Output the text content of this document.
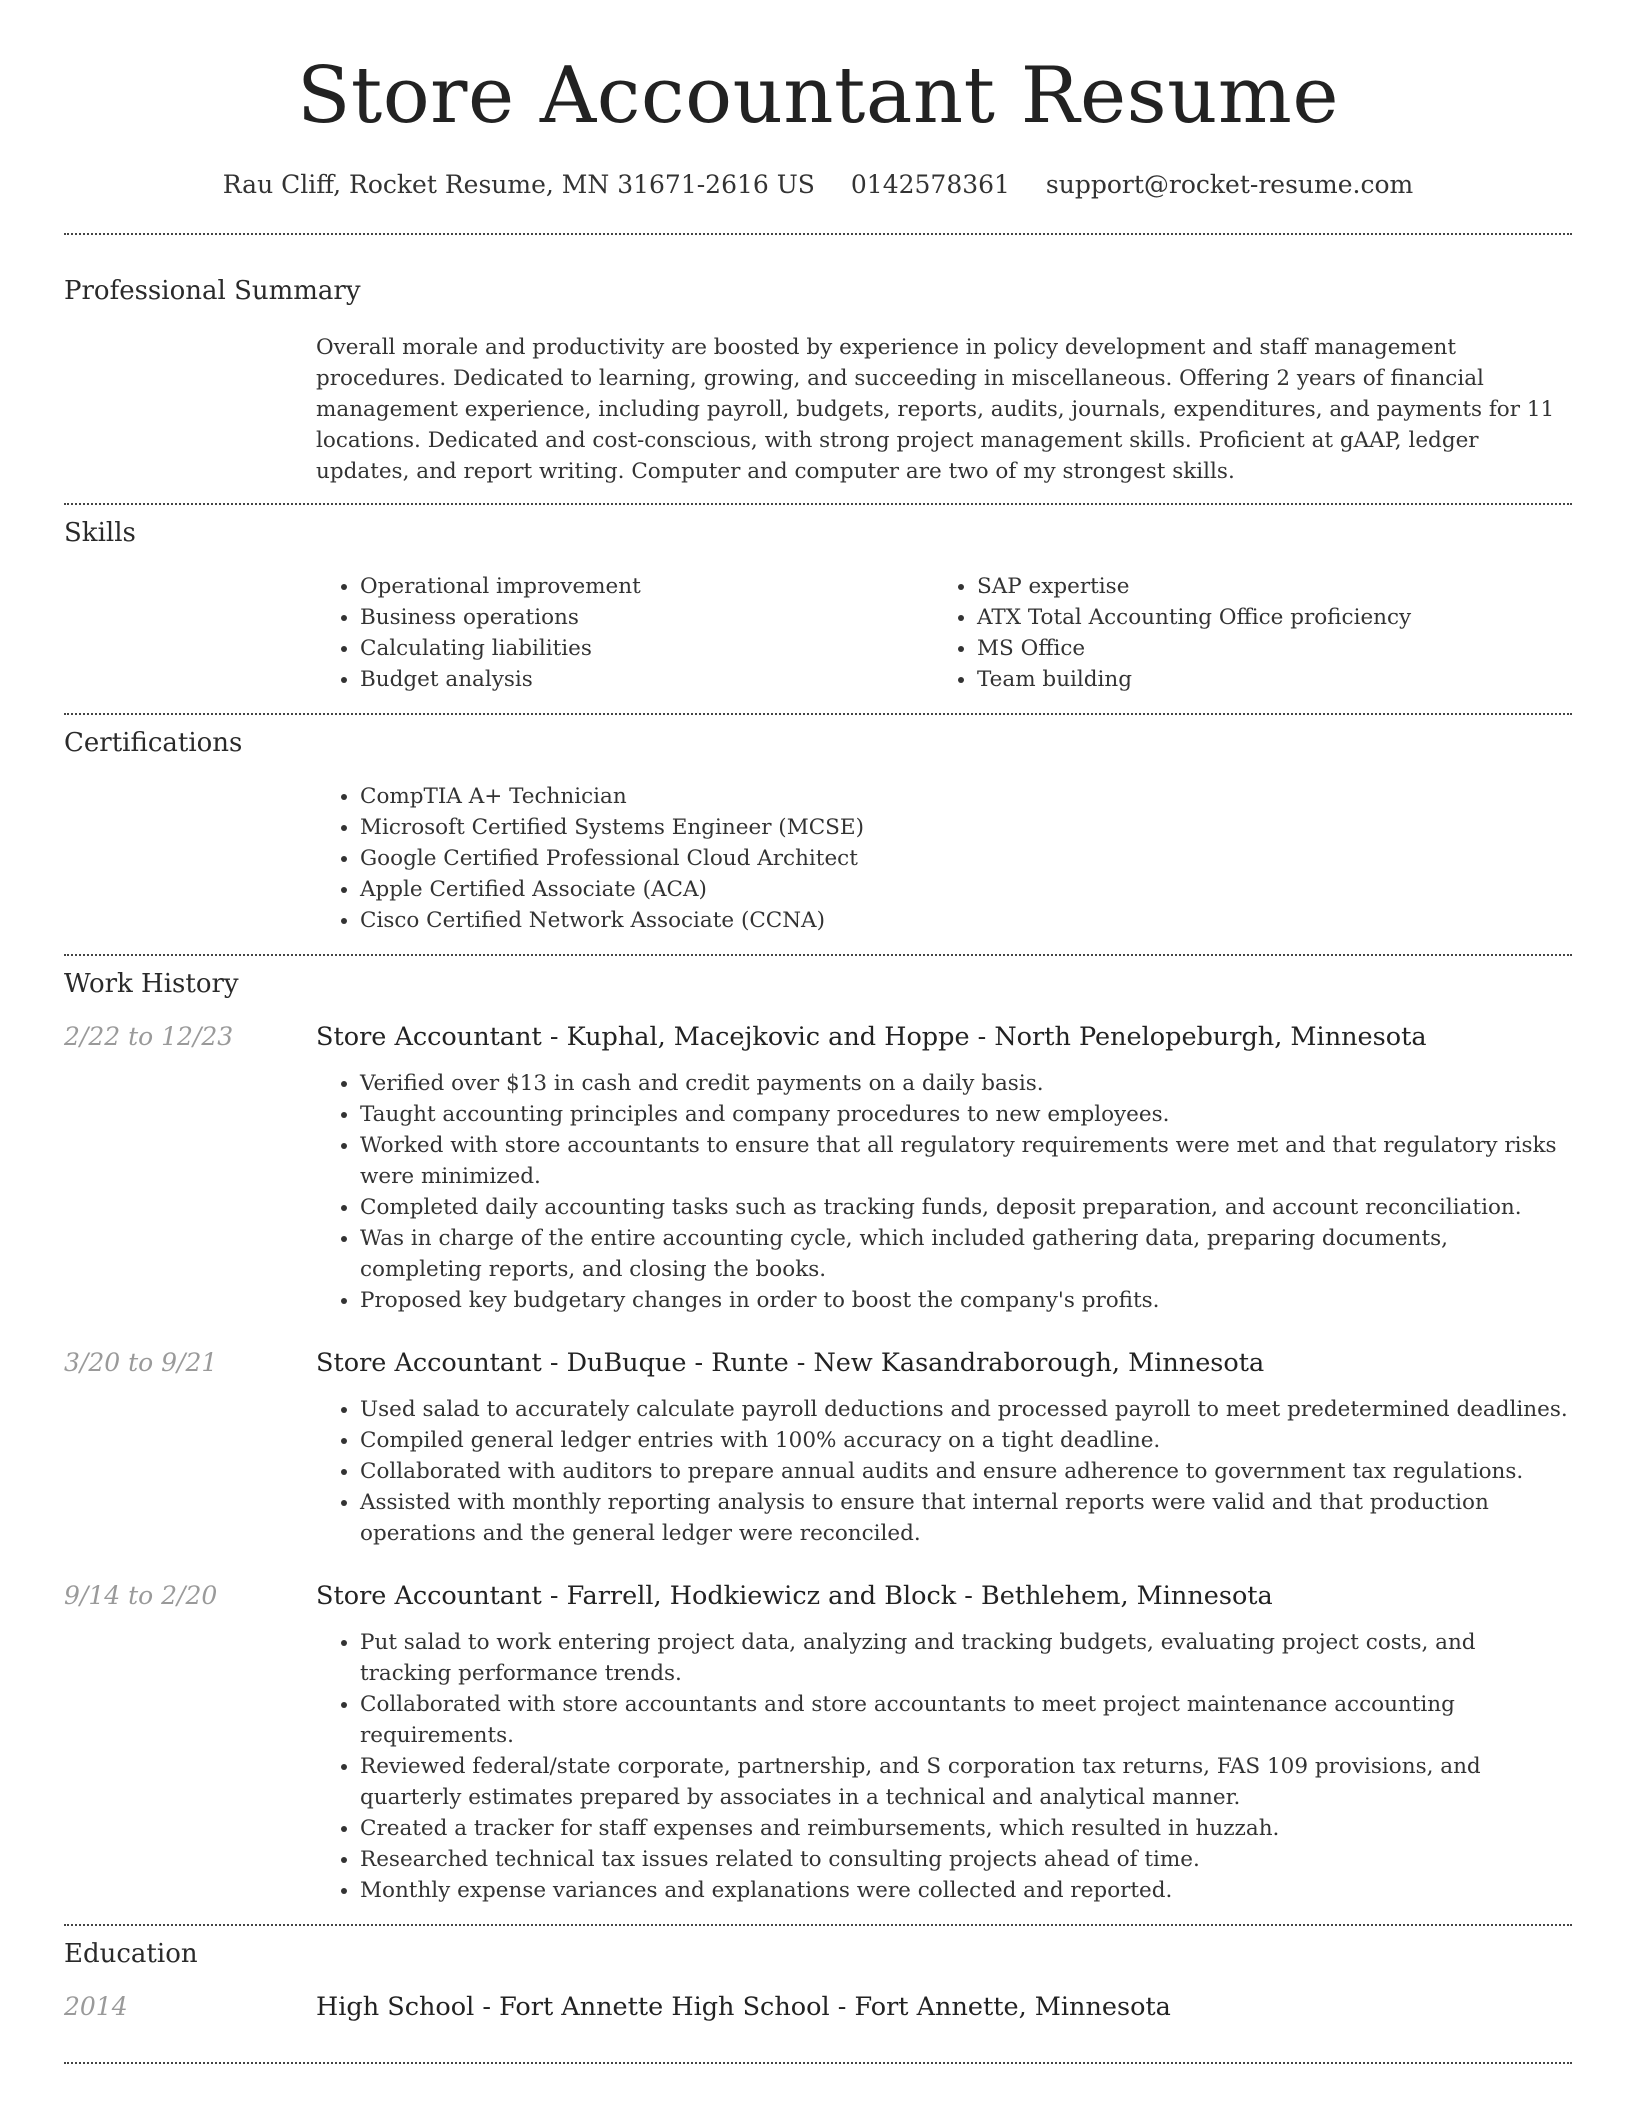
Store Accountant Resume
Rau Cliff, Rocket Resume, MN 31671-2616 US 0142578361 support@rocket-resume.com
Professional Summary
Overall morale and productivity are boosted by experience in policy development and staff management procedures. Dedicated to learning, growing, and succeeding in miscellaneous. Offering 2 years of financial management experience, including payroll, budgets, reports, audits, journals, expenditures, and payments for 11 locations. Dedicated and cost-conscious, with strong project management skills. Proficient at gAAP, ledger updates, and report writing. Computer and computer are two of my strongest skills.
Skills
• Operational improvement
• Business operations
• Calculating liabilities
• Budget analysis
• SAP expertise
• ATX Total Accounting Office proficiency
• MS Office
• Team building
Certifications
• CompTIA A+ Technician
• Microsoft Certified Systems Engineer (MCSE)
• Google Certified Professional Cloud Architect
• Apple Certified Associate (ACA)
• Cisco Certified Network Associate (CCNA)
Work History
2/22 to 12/23	Store Accountant - Kuphal, Macejkovic and Hoppe - North Penelopeburgh, Minnesota
• Verified over $13 in cash and credit payments on a daily basis.
• Taught accounting principles and company procedures to new employees.
• Worked with store accountants to ensure that all regulatory requirements were met and that regulatory risks were minimized.
• Completed daily accounting tasks such as tracking funds, deposit preparation, and account reconciliation.
• Was in charge of the entire accounting cycle, which included gathering data, preparing documents, completing reports, and closing the books.
• Proposed key budgetary changes in order to boost the company's profits.
3/20 to 9/21	Store Accountant - DuBuque - Runte - New Kasandraborough, Minnesota
• Used salad to accurately calculate payroll deductions and processed payroll to meet predetermined deadlines.
• Compiled general ledger entries with 100% accuracy on a tight deadline.
• Collaborated with auditors to prepare annual audits and ensure adherence to government tax regulations.
• Assisted with monthly reporting analysis to ensure that internal reports were valid and that production operations and the general ledger were reconciled.
9/14 to 2/20	Store Accountant - Farrell, Hodkiewicz and Block - Bethlehem, Minnesota
• Put salad to work entering project data, analyzing and tracking budgets, evaluating project costs, and tracking performance trends.
• Collaborated with store accountants and store accountants to meet project maintenance accounting requirements.
• Reviewed federal/state corporate, partnership, and S corporation tax returns, FAS 109 provisions, and quarterly estimates prepared by associates in a technical and analytical manner.
• Created a tracker for staff expenses and reimbursements, which resulted in huzzah.
• Researched technical tax issues related to consulting projects ahead of time.
• Monthly expense variances and explanations were collected and reported.
Education
2014	High School - Fort Annette High School - Fort Annette, Minnesota
